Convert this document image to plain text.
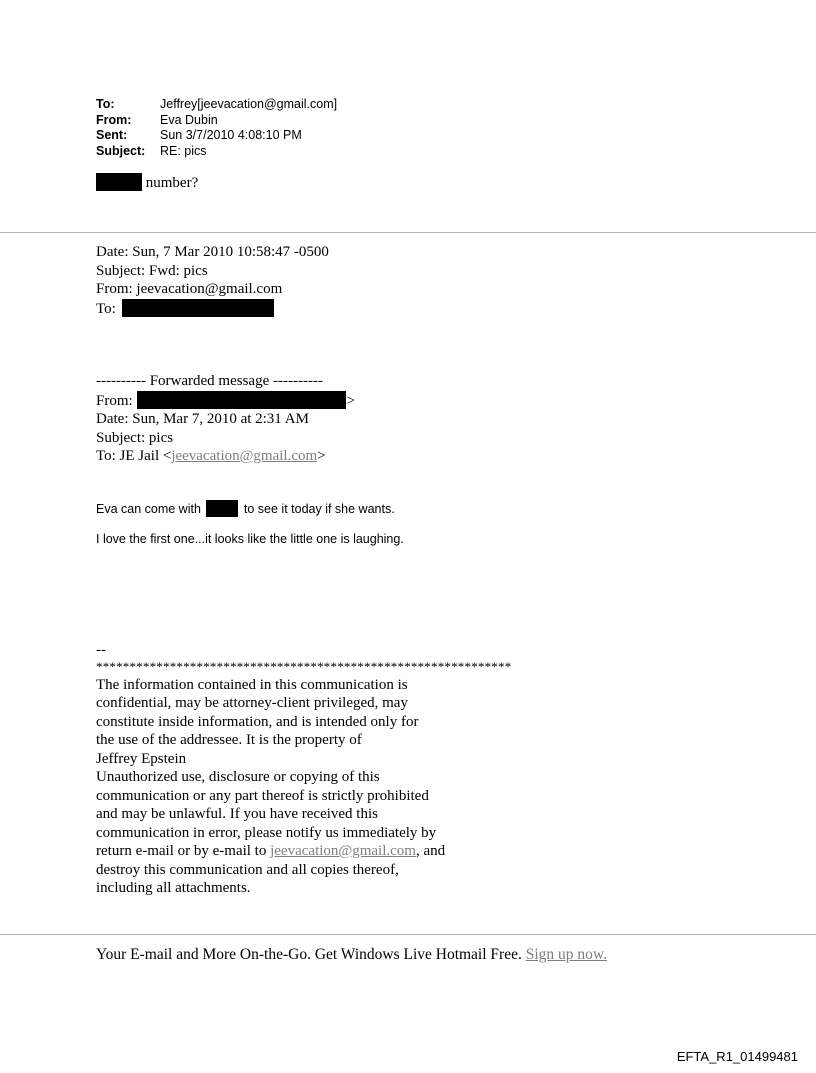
To:	Jeffrey[jeevacation@gmail.com]
From:	Eva Dubin
Sent:	Sun 3/7/2010 4:08:10 PM
Subject:	RE: pics
number?
Date: Sun, 7 Mar 2010 10:58:47 -0500
Subject: Fwd: pics
From: jeevacation@gmail.com
To:
---------- Forwarded message ----------
From:	>
Date: Sun, Mar 7, 2010 at 2:31 AM
Subject: pics
To: JE Jail <jeevacation@gmail.com>
Eva can come with	to see it today if she wants.
I love the first one...it looks like the little one is laughing.
--
**************************************************************
The information contained in this communication is
confidential, may be attorney-client privileged, may
constitute inside information, and is intended only for
the use of the addressee. It is the property of
Jeffrey Epstein
Unauthorized use, disclosure or copying of this
communication or any part thereof is strictly prohibited
and may be unlawful. If you have received this
communication in error, please notify us immediately by
return e-mail or by e-mail to jeevacation@gmail.com, and
destroy this communication and all copies thereof,
including all attachments.
Your E-mail and More On-the-Go. Get Windows Live Hotmail Free. Sign up now.
EFTA_R1_01499481
